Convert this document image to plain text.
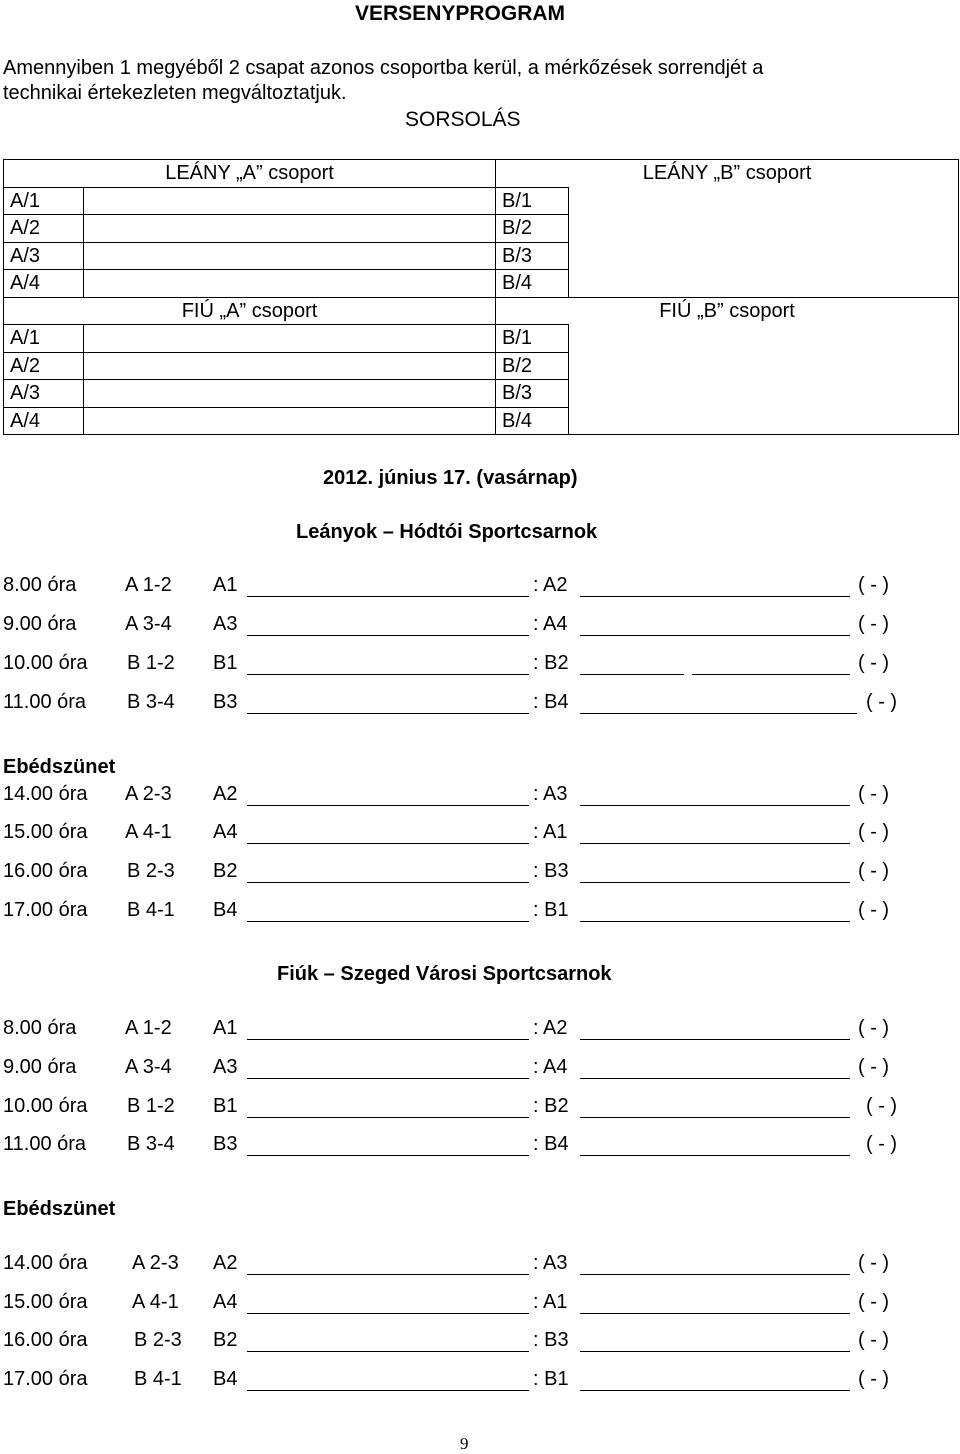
VERSENYPROGRAM
Amennyiben 1 megyéből 2 csapat azonos csoportba kerül, a mérkőzések sorrendjét a
technikai értekezleten megváltoztatjuk.
SORSOLÁS
LEÁNY „A” csoport		LEÁNY „B” csoport	
A/1		B/1	
A/2		B/2	
A/3		B/3	
A/4		B/4	
FIÚ „A” csoport		FIÚ „B” csoport	
A/1		B/1	
A/2		B/2	
A/3		B/3	
A/4		B/4	
2012. június 17. (vasárnap)
Leányok – Hódtói Sportcsarnok
8.00 óra A 1-2 A1	: A2	( - )
9.00 óra A 3-4 A3	: A4	( - )
10.00 óra B 1-2 B1	: B2	( - )
11.00 óra B 3-4 B3	: B4	( - )
Ebédszünet
14.00 óra A 2-3 A2	: A3	( - )
15.00 óra A 4-1 A4	: A1	( - )
16.00 óra B 2-3 B2	: B3	( - )
17.00 óra B 4-1 B4	: B1	( - )
Fiúk – Szeged Városi Sportcsarnok
8.00 óra A 1-2 A1	: A2	( - )
9.00 óra A 3-4 A3	: A4	( - )
10.00 óra B 1-2 B1	: B2	( - )
11.00 óra B 3-4 B3	: B4	( - )
Ebédszünet
14.00 óra A 2-3 A2	: A3	( - )
15.00 óra A 4-1 A4	: A1	( - )
16.00 óra B 2-3 B2	: B3	( - )
17.00 óra B 4-1 B4	: B1	( - )
9
